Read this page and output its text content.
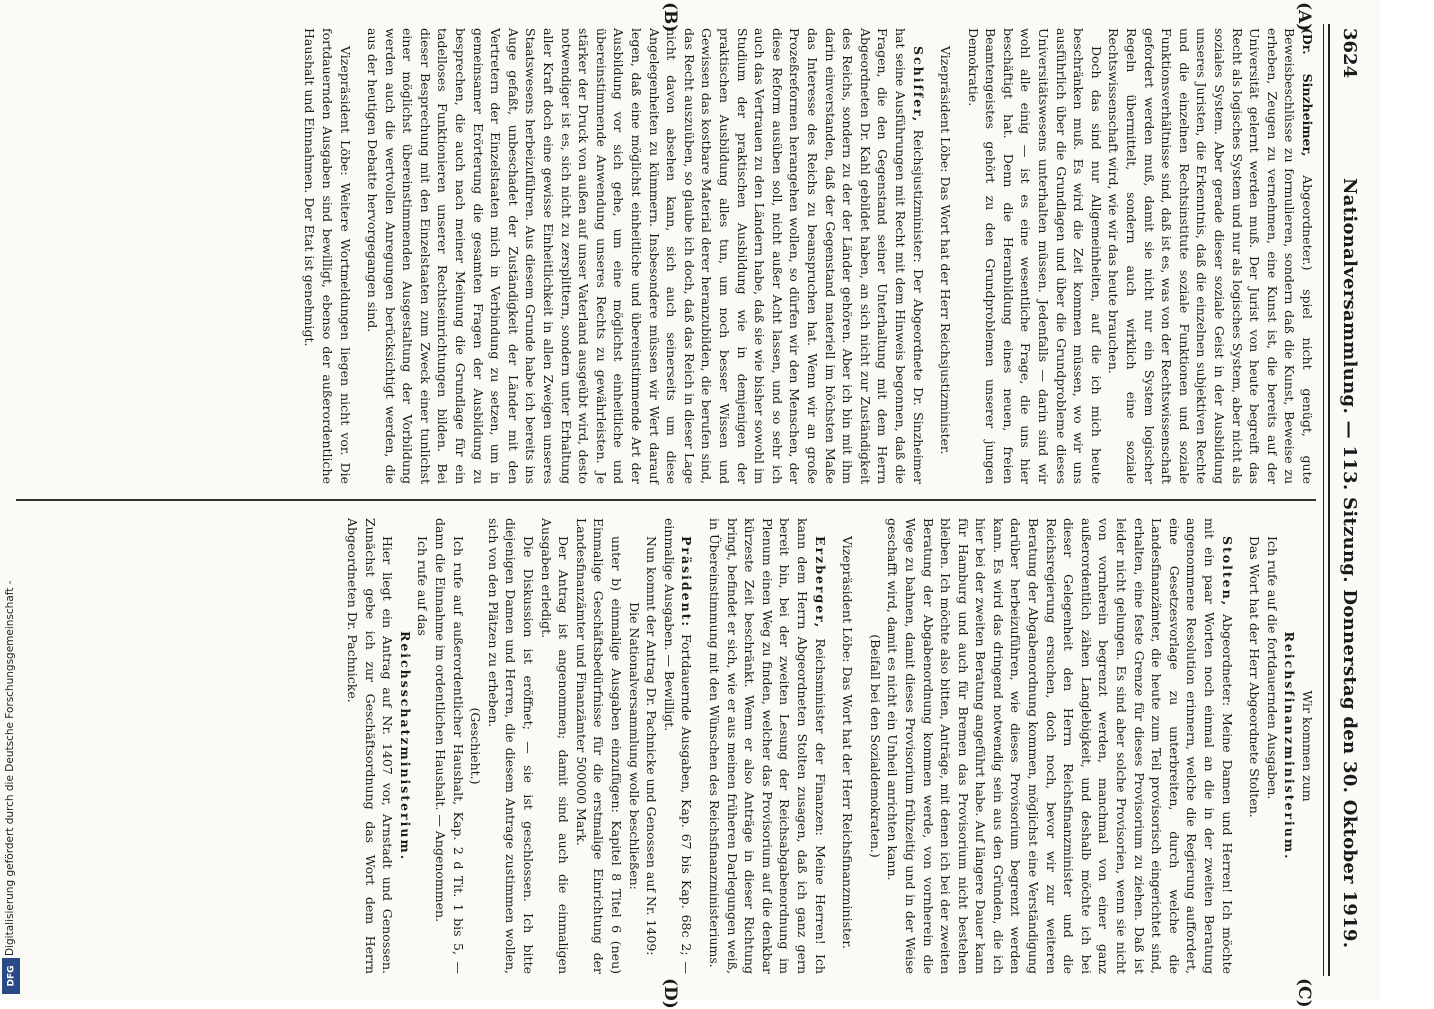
3624
Nationalversammlung. — 113. Sitzung. Donnerstag den 30. Oktober 1919.
(A)
(B)
(C)
(D)

(Dr. Sinzheimer, Abgeordneter.) spiel nicht genügt, gute Beweisbeschlüsse zu formulieren, sondern daß die Kunst, Beweise zu erheben, Zeugen zu vernehmen, eine Kunst ist, die bereits auf der Universität gelernt werden muß. Der Jurist von heute begreift das Recht als logisches System und nur als logisches System, aber nicht als soziales System. Aber gerade dieser soziale Geist in der Ausbildung unseres Juristen, die Erkenntnis, daß die einzelnen subjektiven Rechte und die einzelnen Rechtsinstitute soziale Funktionen und soziale Funktionsverhältnisse sind, daß ist es, was von der Rechtswissenschaft gefordert werden muß, damit sie nicht nur ein System logischer Regeln übermittelt, sondern auch wirklich eine soziale Rechtswissenschaft wird, wie wir das heute brauchen.

Doch das sind nur Allgemeinheiten, auf die ich mich heute beschränken muß. Es wird die Zeit kommen müssen, wo wir uns ausführlich über die Grundlagen und über die Grundprobleme dieses Universitätswesens unterhalten müssen. Jedenfalls — darin sind wir wohl alle einig — ist es eine wesentliche Frage, die uns hier beschäftigt hat. Denn die Heranbildung eines neuen, freien Beamtengeistes gehört zu den Grundproblemen unserer jungen Demokratie.

Vizepräsident Löbe: Das Wort hat der Herr Reichsjustizminister.

Schiffer, Reichsjustizminister: Der Abgeordnete Dr. Sinzheimer hat seine Ausführungen mit Recht mit dem Hinweis begonnen, daß die Fragen, die den Gegenstand seiner Unterhaltung mit dem Herrn Abgeordneten Dr. Kahl gebildet haben, an sich nicht zur Zuständigkeit des Reichs, sondern zu der der Länder gehören. Aber ich bin mit ihm darin einverstanden, daß der Gegenstand materiell im höchsten Maße das Interesse des Reichs zu beanspruchen hat. Wenn wir an große Prozeßreformen herangehen wollen, so dürfen wir den Menschen, der diese Reform ausüben soll, nicht außer Acht lassen, und so sehr ich auch das Vertrauen zu den Ländern habe, daß sie wie bisher sowohl im Studium der praktischen Ausbildung wie in demjenigen der praktischen Ausbildung alles tun, um noch besser Wissen und Gewissen das kostbare Material derer heranzubilden, die berufen sind, das Recht auszuüben, so glaube ich doch, daß das Reich in dieser Lage nicht davon absehen kann, sich auch seinerseits um diese Angelegenheiten zu kümmern. Insbesondere müssen wir Wert darauf legen, daß eine möglichst einheitliche und übereinstimmende Art der Ausbildung vor sich gehe, um eine möglichst einheitliche und übereinstimmende Anwendung unseres Rechts zu gewährleisten. Je stärker der Druck von außen auf unser Vaterland ausgeübt wird, desto notwendiger ist es, sich nicht zu zersplittern, sondern unter Erhaltung aller Kraft doch eine gewisse Einheitlichkeit in allen Zweigen unseres Staatswesens herbeizuführen. Aus diesem Grunde habe ich bereits ins Auge gefaßt, unbeschadet der Zuständigkeit der Länder mit den Vertretern der Einzelstaaten mich in Verbindung zu setzen, um in gemeinsamer Erörterung die gesamten Fragen der Ausbildung zu besprechen, die auch nach meiner Meinung die Grundlage für ein tadelloses Funktionieren unserer Rechtseinrichtungen bilden. Bei dieser Besprechung mit den Einzelstaaten zum Zweck einer tunlichst einer möglichst übereinstimmenden Ausgestaltung der Vorbildung werden auch die wertvollen Anregungen berücksichtigt werden, die aus der heutigen Debatte hervorgegangen sind.

Vizepräsident Löbe: Weitere Wortmeldungen liegen nicht vor. Die fortdauernden Ausgaben sind bewilligt, ebenso der außerordentliche Haushalt und Einnahmen. Der Etat ist genehmigt.

Wir kommen zum

Reichsfinanzministerium.

Ich rufe auf die fortdauernden Ausgaben.

Das Wort hat der Herr Abgeordnete Stolten.

Stolten, Abgeordneter: Meine Damen und Herren! Ich möchte mit ein paar Worten noch einmal an die in der zweiten Beratung angenommene Resolution erinnern, welche die Regierung auffordert, eine Gesetzesvorlage zu unterbreiten, durch welche die Landesfinanzämter, die heute zum Teil provisorisch eingerichtet sind, erhalten, eine feste Grenze für dieses Provisorium zu ziehen. Daß ist leider nicht gelungen. Es sind aber solche Provisorien, wenn sie nicht von vornherein begrenzt werden, manchmal von einer ganz außerordentlich zähen Langlebigkeit, und deshalb möchte ich bei dieser Gelegenheit den Herrn Reichsfinanzminister und die Reichsregierung ersuchen, doch noch, bevor wir zur weiteren Beratung der Abgabenordnung kommen, möglichst eine Verständigung darüber herbeizuführen, wie dieses Provisorium begrenzt werden kann. Es wird das dringend notwendig sein aus den Gründen, die ich hier bei der zweiten Beratung angeführt habe. Auf längere Dauer kann für Hamburg und auch für Bremen das Provisorium nicht bestehen bleiben. Ich möchte also bitten, Anträge, mit denen ich bei der zweiten Beratung der Abgabenordnung kommen werde, von vornherein die Wege zu bahnen, damit dieses Provisorium frühzeitig und in der Weise geschafft wird, damit es nicht ein Unheil anrichten kann.

(Beifall bei den Sozialdemokraten.)

Vizepräsident Löbe: Das Wort hat der Herr Reichsfinanzminister.

Erzberger, Reichsminister der Finanzen: Meine Herren! Ich kann dem Herrn Abgeordneten Stolten zusagen, daß ich ganz gern bereit bin, bei der zweiten Lesung der Reichsabgabenordnung im Plenum einen Weg zu finden, welcher das Provisorium auf die denkbar kürzeste Zeit beschränkt. Wenn er also Anträge in dieser Richtung bringt, befindet er sich, wie er aus meinen früheren Darlegungen weiß, in Übereinstimmung mit den Wünschen des Reichsfinanzministeriums.

Präsident: Fortdauernde Ausgaben, Kap. 67 bis Kap. 68c 2; — einmalige Ausgaben. — Bewilligt.

Nun kommt der Antrag Dr. Pachnicke und Genossen auf Nr. 1409:

Die Nationalversammlung wolle beschließen:

unter b) einmalige Ausgaben einzufügen: Kapitel 8 Titel 6 (neu) Einmalige Geschäftsbedürfnisse für die erstmalige Einrichtung der Landesfinanzämter und Finanzämter 500000 Mark.

Der Antrag ist angenommen; damit sind auch die einmaligen Ausgaben erledigt.

Die Diskussion ist eröffnet; — sie ist geschlossen. Ich bitte diejenigen Damen und Herren, die diesem Antrage zustimmen wollen, sich von den Plätzen zu erheben.

(Geschieht.)

Ich rufe auf außerordentlicher Haushalt, Kap. 2 d Tit. 1 bis 5, — dann die Einnahme im ordentlichen Haushalt. — Angenommen.

Ich rufe auf das

Reichsschatzministerium.

Hier liegt ein Antrag auf Nr. 1407 vor, Arnstadt und Genossen. Zunächst gebe ich zur Geschäftsordnung das Wort dem Herrn Abgeordneten Dr. Pachnicke.

Digitalisierung gefördert durch die Deutsche Forschungsgemeinschaft -
DFG
